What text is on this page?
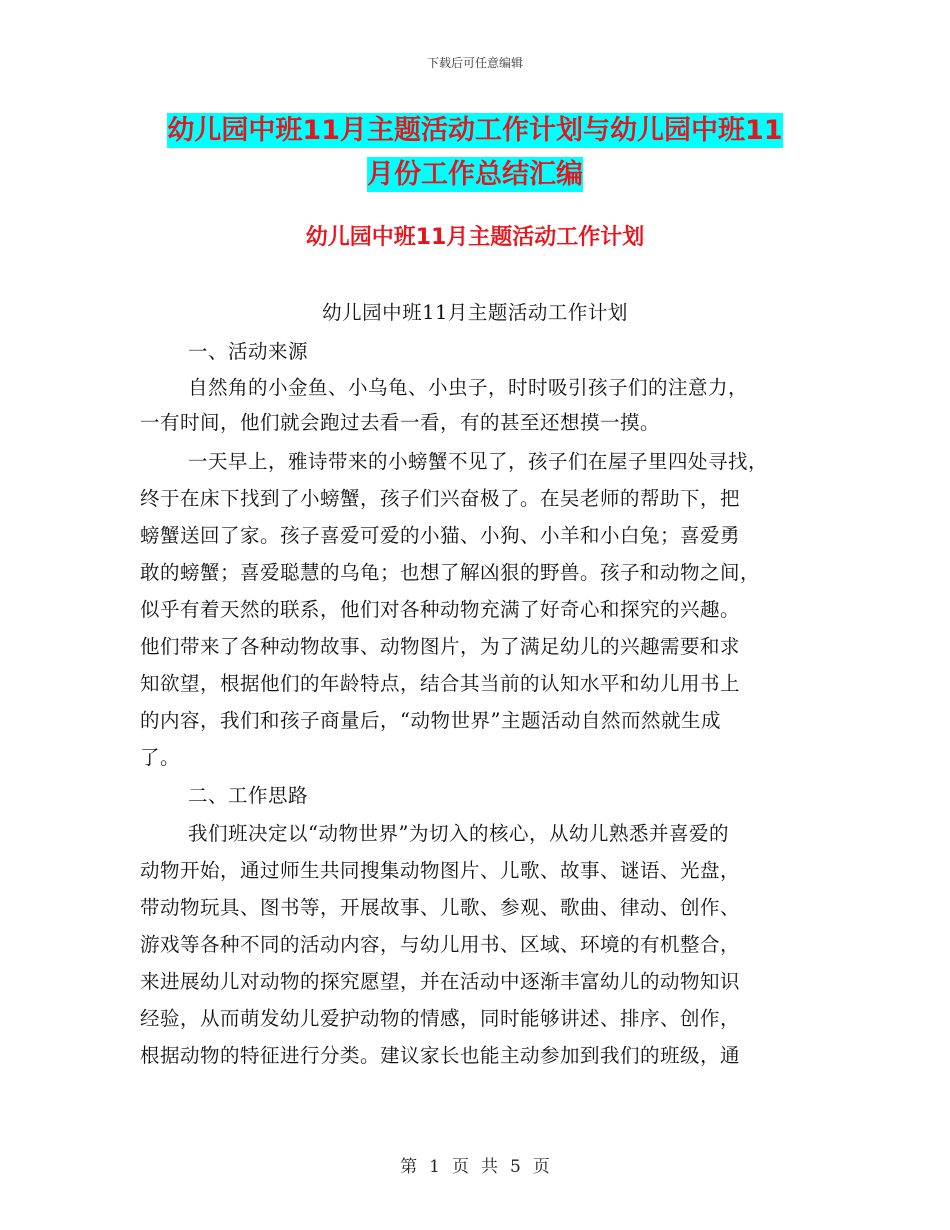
下载后可任意编辑
幼儿园中班11月主题活动工作计划与幼儿园中班11
月份工作总结汇编
幼儿园中班11月主题活动工作计划
幼儿园中班11月主题活动工作计划
一、活动来源
自然角的小金鱼、小乌龟、小虫子，时时吸引孩子们的注意力，
一有时间，他们就会跑过去看一看，有的甚至还想摸一摸。
一天早上，雅诗带来的小螃蟹不见了，孩子们在屋子里四处寻找，
终于在床下找到了小螃蟹，孩子们兴奋极了。在吴老师的帮助下，把
螃蟹送回了家。孩子喜爱可爱的小猫、小狗、小羊和小白兔；喜爱勇
敢的螃蟹；喜爱聪慧的乌龟；也想了解凶狠的野兽。孩子和动物之间，
似乎有着天然的联系，他们对各种动物充满了好奇心和探究的兴趣。
他们带来了各种动物故事、动物图片，为了满足幼儿的兴趣需要和求
知欲望，根据他们的年龄特点，结合其当前的认知水平和幼儿用书上
的内容，我们和孩子商量后，“动物世界”主题活动自然而然就生成
了。
二、工作思路
我们班决定以“动物世界”为切入的核心，从幼儿熟悉并喜爱的
动物开始，通过师生共同搜集动物图片、儿歌、故事、谜语、光盘，
带动物玩具、图书等，开展故事、儿歌、参观、歌曲、律动、创作、
游戏等各种不同的活动内容，与幼儿用书、区域、环境的有机整合，
来进展幼儿对动物的探究愿望，并在活动中逐渐丰富幼儿的动物知识
经验，从而萌发幼儿爱护动物的情感，同时能够讲述、排序、创作，
根据动物的特征进行分类。建议家长也能主动参加到我们的班级，通
第 1 页 共 5 页
